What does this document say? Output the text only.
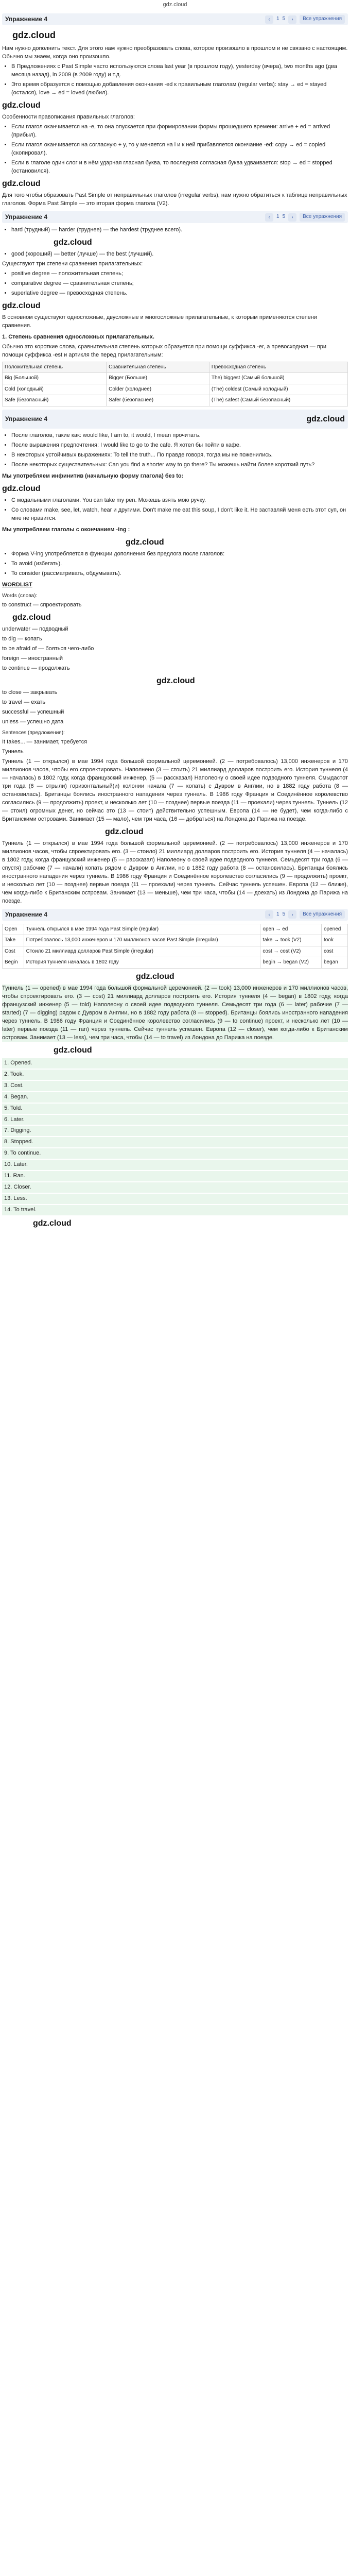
gdz.cloud
Упражнение 4	‹	1 5	›	Все упражнения
gdz.cloud

Нам нужно дополнить текст. Для этого нам нужно преобразовать слова, которое произошло в прошлом и не связано с настоящим. Обычно мы знаем, когда оно произошло.

• В Предложениях с Past Simple часто используются слова last year (в прошлом году), yesterday (вчера), two months ago (два месяца назад), in 2009 (в 2009 году) и т.д.
• Это время образуется с помощью добавления окончания -ed к правильным глаголам (regular verbs): stay → ed = stayed (остался), love → ed = loved (любил).
gdz.cloud

Особенности правописания правильных глаголов:

• Если глагол оканчивается на -e, то она опускается при формировании формы прошедшего времени: arrive + ed = arrived (прибыл).
• Если глагол оканчивается на согласную + y, то y меняется на i и к ней прибавляется окончание -ed: copy → ed = copied (скопировал).
• Если в глаголе один слог и в нём ударная гласная буква, то последняя согласная буква удваивается: stop → ed = stopped (остановился).
gdz.cloud

Для того чтобы образовать Past Simple от неправильных глаголов (irregular verbs), нам нужно обратиться к таблице неправильных глаголов. Форма Past Simple — это вторая форма глагола (V2).

Упражнение 4	‹	1 5	›	Все упражнения
• hard (трудный) — harder (труднее) — the hardest (труднее всего).
gdz.cloud
• good (хороший) — better (лучше) — the best (лучший).

Существуют три степени сравнения прилагательных:

• positive degree — положительная степень;
• comparative degree — сравнительная степень;
• superlative degree — превосходная степень.
gdz.cloud

В основном существуют односложные, двусложные и многосложные прилагательные, к которым применяются степени сравнения.

1. Степень сравнения односложных прилагательных.

Обычно это короткие слова, сравнительная степень которых образуется при помощи суффикса -er, а превосходная — при помощи суффикса -est и артикля the перед прилагательным:

Положительная степень	Сравнительная степень	Превосходная степень
Big (Большой)	Bigger (Больше)	The) biggest (Самый большой)
Cold (холодный)	Colder (холоднее)	(The) coldest (Самый холодный)
Safe (безопасный)	Safer (безопаснее)	(The) safest (Самый безопасный)
Упражнение 4	gdz.cloud
• После глаголов, такие как: would like, I am to, it would, I mean прочитать.
• После выражения предпочтения: I would like to go to the cafe. Я хотел бы пойти в кафе.
• В некоторых устойчивых выражениях: To tell the truth... По правде говоря, тогда мы не поженились.
• После некоторых существительных: Can you find a shorter way to go there? Ты можешь найти более короткий путь?
Мы употребляем инфинитив (начальную форму глагола) без to:
gdz.cloud
• С модальными глаголами. You can take my pen. Можешь взять мою ручку.
• Со словами make, see, let, watch, hear и другими. Don't make me eat this soup, I don't like it. Не заставляй меня есть этот суп, он мне не нравится.
Мы употребляем глаголы с окончанием -ing :
gdz.cloud
• Форма V-ing употребляется в функции дополнения без предлога после глаголов:
• To avoid (избегать).
• To consider (рассматривать, обдумывать).
WORDLIST

Words (слова):

to construct — спроектировать

gdz.cloud

underwater — подводный

to dig — копать

to be afraid of — бояться чего-либо

foreign — иностранный

to continue — продолжать

gdz.cloud

to close — закрывать

to travel — ехать

successful — успешный

unless — успешно дата

Sentences (предложения):

It takes... — занимает, требуется

Туннель

Туннель (1 — открылся) в мае 1994 года большой формальной церемонией. (2 — потребовалось) 13,000 инженеров и 170 миллионов часов, чтобы его спроектировать. Наполнено (3 — стоить) 21 миллиард долларов построить его. История туннеля (4 — началась) в 1802 году, когда французский инженер, (5 — рассказал) Наполеону о своей идее подводного туннеля. Смыдастот три года (6 — отрыли) горизонтальный(и) колонии начала (7 — копать) с Дувром в Англии, но в 1882 году работа (8 — остановилась). Британцы боялись иностранного нападения через туннель. В 1986 году Франция и Соединённое королевство согласились (9 — продолжить) проект, и несколько лет (10 — позднее) первые поезда (11 — проехали) через туннель. Туннель (12 — стоил) огромных денег, но сейчас это (13 — стоит) действительно успешным. Европа (14 — не будет), чем когда-либо с Британскими островами. Занимает (15 — мало), чем три часа, (16 — добраться) на Лондона до Парижа на поезде.

gdz.cloud

Туннель (1 — открылся) в мае 1994 года большой формальной церемонией. (2 — потребовалось) 13,000 инженеров и 170 миллионов часов, чтобы спроектировать его. (3 — стоило) 21 миллиард долларов построить его. История туннеля (4 — началась) в 1802 году, когда французский инженер (5 — рассказал) Наполеону о своей идее подводного туннеля. Семьдесят три года (6 — спустя) рабочие (7 — начали) копать рядом с Дувром в Англии, но в 1882 году работа (8 — остановилась). Британцы боялись иностранного нападения через туннель. В 1986 году Франция и Соединённое королевство согласились (9 — продолжить) проект, и несколько лет (10 — позднее) первые поезда (11 — проехали) через туннель. Сейчас туннель успешен. Европа (12 — ближе), чем когда-либо к Британским островам. Занимает (13 — меньше), чем три часа, чтобы (14 — доехать) из Лондона до Парижа на поезде.

Упражнение 4	‹	1 5	›	Все упражнения
Open	Туннель открылся в мае 1994 года Past Simple (regular)	open → ed	opened
Take	Потребовалось 13,000 инженеров и 170 миллионов часов Past Simple (irregular)	take → took (V2)	took
Cost	Стоило 21 миллиард долларов Past Simple (irregular)	cost → cost (V2)	cost
Begin	История туннеля началась в 1802 году	begin → began (V2)	began
gdz.cloud

Туннель (1 — opened) в мае 1994 года большой формальной церемонией. (2 — took) 13,000 инженеров и 170 миллионов часов, чтобы спроектировать его. (3 — cost) 21 миллиард долларов построить его. История туннеля (4 — began) в 1802 году, когда французский инженер (5 — told) Наполеону о своей идее подводного туннеля. Семьдесят три года (6 — later) рабочие (7 — started) (7 — digging) рядом с Дувром в Англии, но в 1882 году работа (8 — stopped). Британцы боялись иностранного нападения через туннель. В 1986 году Франция и Соединённое королевство согласились (9 — to continue) проект, и несколько лет (10 — later) первые поезда (11 — ran) через туннель. Сейчас туннель успешен. Европа (12 — closer), чем когда-либо к Британским островам. Занимает (13 — less), чем три часа, чтобы (14 — to travel) из Лондона до Парижа на поезде.

gdz.cloud

1. Opened.

2. Took.

3. Cost.

4. Began.

5. Told.

6. Later.

7. Digging.

8. Stopped.

9. To continue.

10. Later.

11. Ran.

12. Closer.

13. Less.

14. To travel.

gdz.cloud
